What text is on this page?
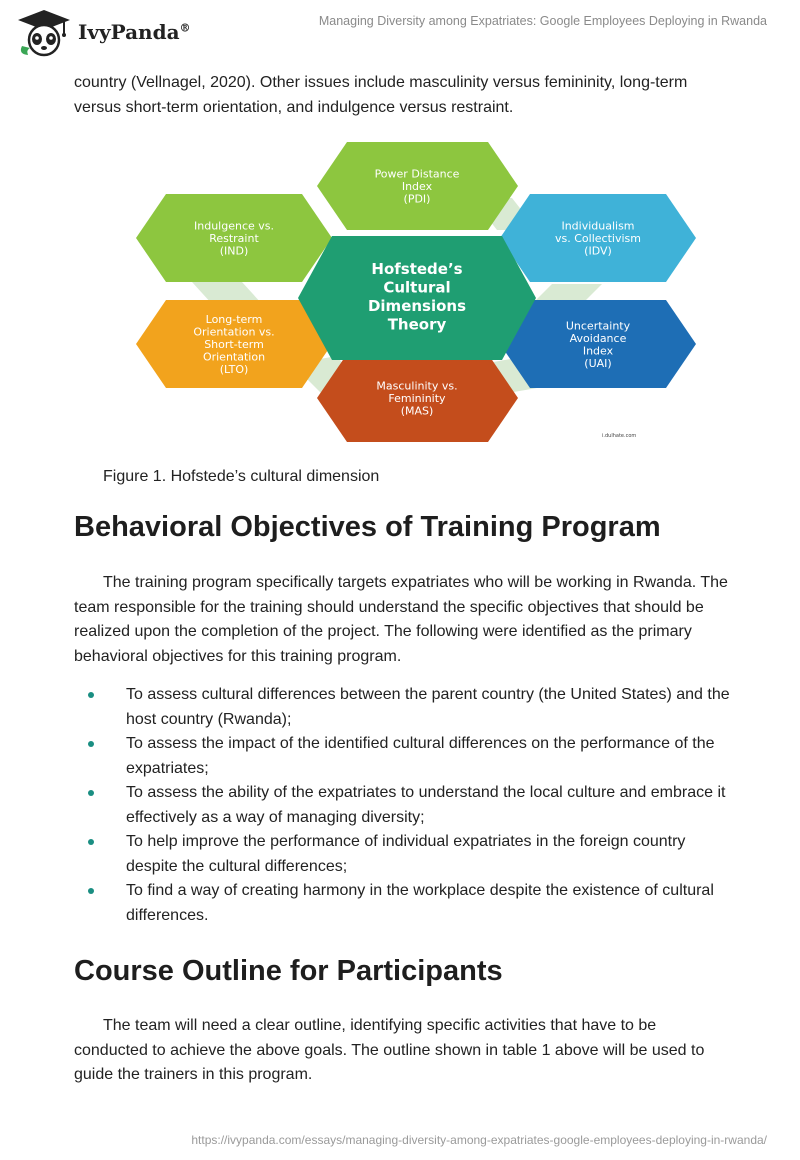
IvyPanda®	Managing Diversity among Expatriates: Google Employees Deploying in Rwanda

country (Vellnagel, 2020). Other issues include masculinity versus femininity, long-term versus short-term orientation, and indulgence versus restraint.

Power Distance
Index
(PDI)
Individualism
vs. Collectivism
(IDV)
Uncertainty
Avoidance
Index
(UAI)
Masculinity vs.
Femininity
(MAS)
Long-term
Orientation vs.
Short-term
Orientation
(LTO)
Indulgence vs.
Restraint
(IND)
Hofstede’s
Cultural
Dimensions
Theory
i.dulhate.com
Figure 1. Hofstede’s cultural dimension
Behavioral Objectives of Training Program

The training program specifically targets expatriates who will be working in Rwanda. The team responsible for the training should understand the specific objectives that should be realized upon the completion of the project. The following were identified as the primary behavioral objectives for this training program.

To assess cultural differences between the parent country (the United States) and the host country (Rwanda);
To assess the impact of the identified cultural differences on the performance of the expatriates;
To assess the ability of the expatriates to understand the local culture and embrace it effectively as a way of managing diversity;
To help improve the performance of individual expatriates in the foreign country despite the cultural differences;
To find a way of creating harmony in the workplace despite the existence of cultural differences.
Course Outline for Participants

The team will need a clear outline, identifying specific activities that have to be conducted to achieve the above goals. The outline shown in table 1 above will be used to guide the trainers in this program.

https://ivypanda.com/essays/managing-diversity-among-expatriates-google-employees-deploying-in-rwanda/
